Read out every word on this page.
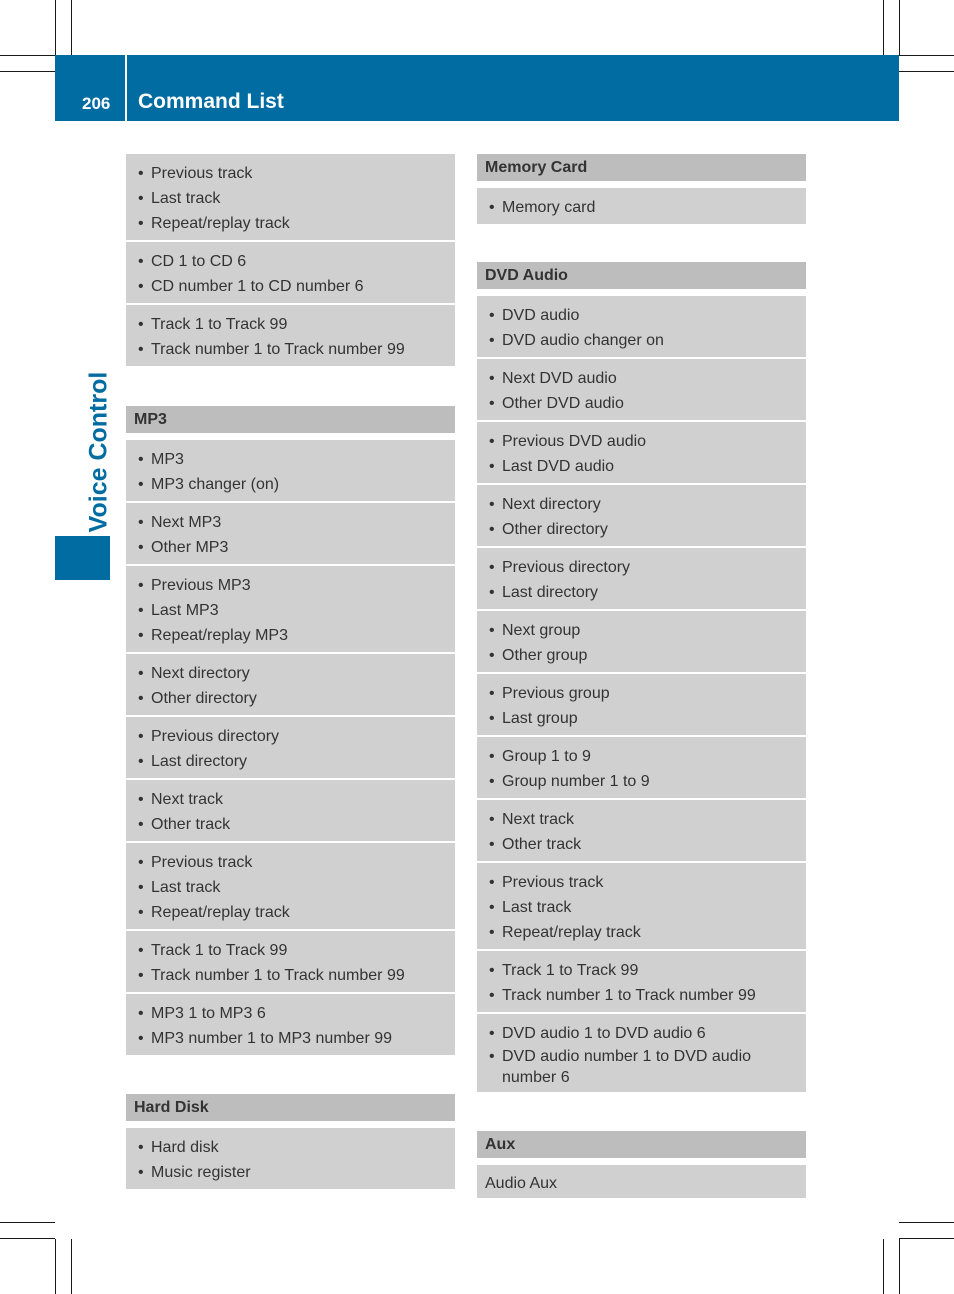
206 Command List
Voice Control
• Previous track
• Last track
• Repeat/replay track
• CD 1 to CD 6
• CD number 1 to CD number 6
• Track 1 to Track 99
• Track number 1 to Track number 99
MP3
• MP3
• MP3 changer (on)
• Next MP3
• Other MP3
• Previous MP3
• Last MP3
• Repeat/replay MP3
• Next directory
• Other directory
• Previous directory
• Last directory
• Next track
• Other track
• Previous track
• Last track
• Repeat/replay track
• Track 1 to Track 99
• Track number 1 to Track number 99
• MP3 1 to MP3 6
• MP3 number 1 to MP3 number 99
Hard Disk
• Hard disk
• Music register
Memory Card
• Memory card
DVD Audio
• DVD audio
• DVD audio changer on
• Next DVD audio
• Other DVD audio
• Previous DVD audio
• Last DVD audio
• Next directory
• Other directory
• Previous directory
• Last directory
• Next group
• Other group
• Previous group
• Last group
• Group 1 to 9
• Group number 1 to 9
• Next track
• Other track
• Previous track
• Last track
• Repeat/replay track
• Track 1 to Track 99
• Track number 1 to Track number 99
• DVD audio 1 to DVD audio 6
• DVD audio number 1 to DVD audio number 6
Aux
Audio Aux
